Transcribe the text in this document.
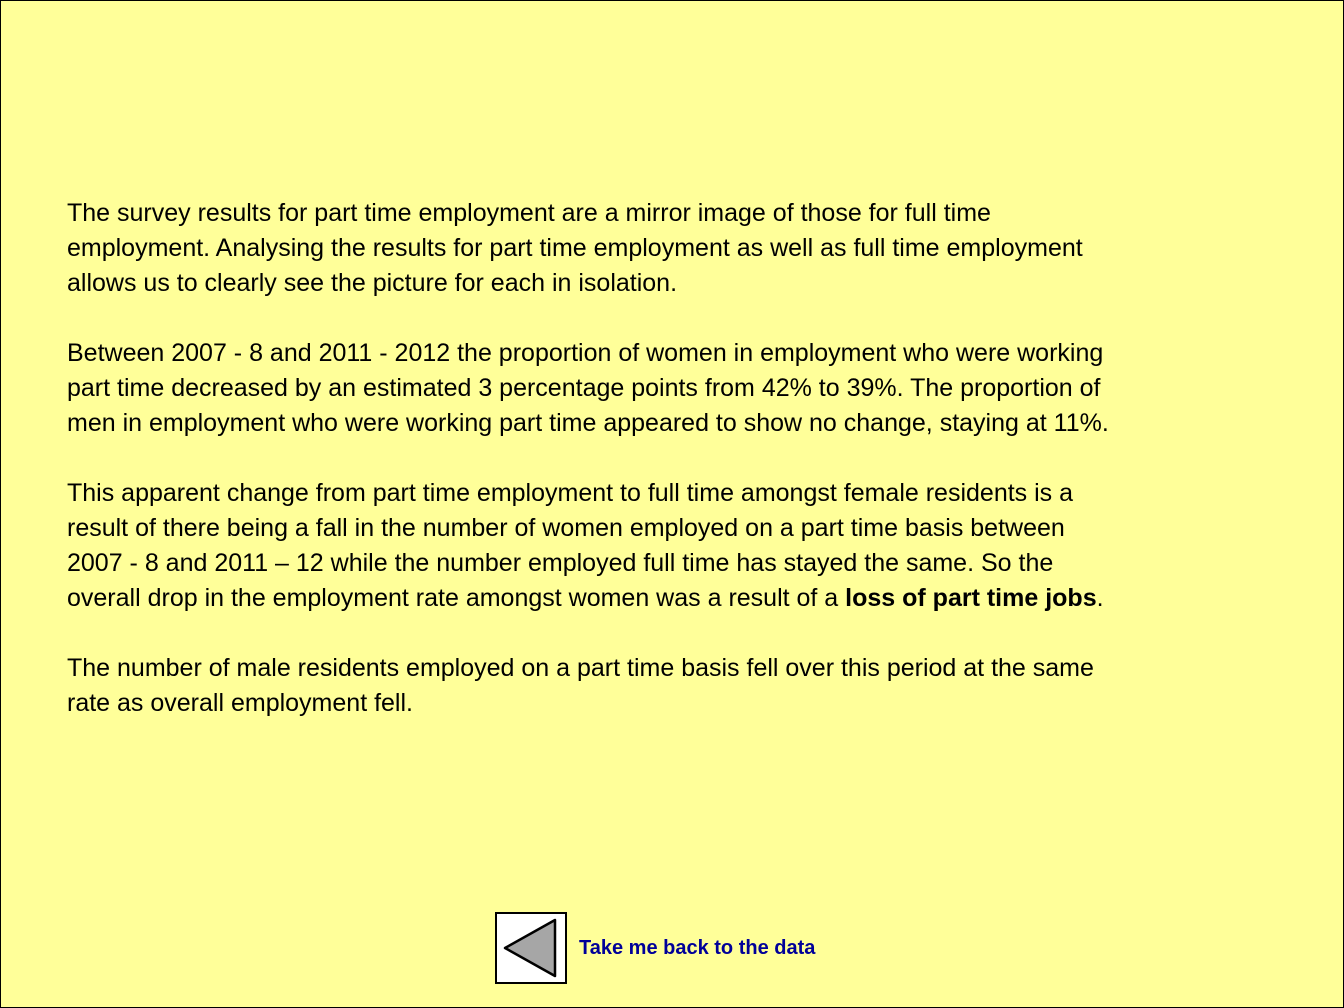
The survey results for part time employment are a mirror image of those for full time
employment. Analysing the results for part time employment as well as full time employment
allows us to clearly see the picture for each in isolation.

Between 2007 - 8 and 2011 - 2012 the proportion of women in employment who were working
part time decreased by an estimated 3 percentage points from 42% to 39%. The proportion of
men in employment who were working part time appeared to show no change, staying at 11%.

This apparent change from part time employment to full time amongst female residents is a
result of there being a fall in the number of women employed on a part time basis between
2007 - 8 and 2011 – 12 while the number employed full time has stayed the same. So the
overall drop in the employment rate amongst women was a result of a loss of part time jobs.

The number of male residents employed on a part time basis fell over this period at the same
rate as overall employment fell.

Take me back to the data
